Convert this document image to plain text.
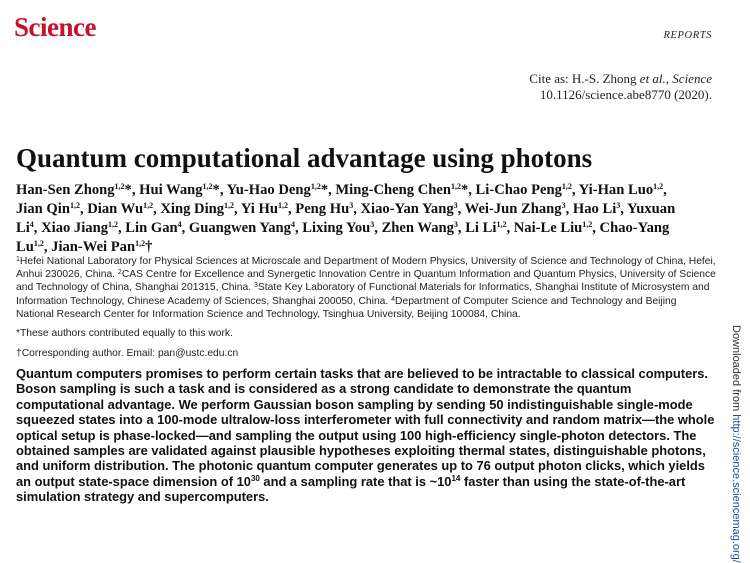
Science	REPORTS
Cite as: H.-S. Zhong et al., Science
10.1126/science.abe8770 (2020).
Quantum computational advantage using photons

Han-Sen Zhong$^{1,2}$*, Hui Wang$^{1,2}$*, Yu-Hao Deng$^{1,2}$*, Ming-Cheng Chen$^{1,2}$*, Li-Chao Peng$^{1,2}$, Yi-Han Luo$^{1,2}$, Jian Qin$^{1,2}$, Dian Wu$^{1,2}$, Xing Ding$^{1,2}$, Yi Hu$^{1,2}$, Peng Hu$^3$, Xiao-Yan Yang$^3$, Wei-Jun Zhang$^3$, Hao Li$^3$, Yuxuan Li$^4$, Xiao Jiang$^{1,2}$, Lin Gan$^4$, Guangwen Yang$^4$, Lixing You$^3$, Zhen Wang$^3$, Li Li$^{1,2}$, Nai-Le Liu$^{1,2}$, Chao-Yang Lu$^{1,2}$, Jian-Wei Pan$^{1,2}$†

$^1$Hefei National Laboratory for Physical Sciences at Microscale and Department of Modern Physics, University of Science and Technology of China, Hefei, Anhui 230026, China. $^2$CAS Centre for Excellence and Synergetic Innovation Centre in Quantum Information and Quantum Physics, University of Science and Technology of China, Shanghai 201315, China. $^3$State Key Laboratory of Functional Materials for Informatics, Shanghai Institute of Microsystem and Information Technology, Chinese Academy of Sciences, Shanghai 200050, China. $^4$Department of Computer Science and Technology and Beijing National Research Center for Information Science and Technology, Tsinghua University, Beijing 100084, China.

*These authors contributed equally to this work.

†Corresponding author. Email: pan@ustc.edu.cn

Quantum computers promises to perform certain tasks that are believed to be intractable to classical computers. Boson sampling is such a task and is considered as a strong candidate to demonstrate the quantum computational advantage. We perform Gaussian boson sampling by sending 50 indistinguishable single-mode squeezed states into a 100-mode ultralow-loss interferometer with full connectivity and random matrix—the whole optical setup is phase-locked—and sampling the output using 100 high-efficiency single-photon detectors. The obtained samples are validated against plausible hypotheses exploiting thermal states, distinguishable photons, and uniform distribution. The photonic quantum computer generates up to 76 output photon clicks, which yields an output state-space dimension of $10^{30}$ and a sampling rate that is $\sim 10^{14}$ faster than using the state-of-the-art simulation strategy and supercomputers.

Downloaded from http://science.sciencemag.org/
